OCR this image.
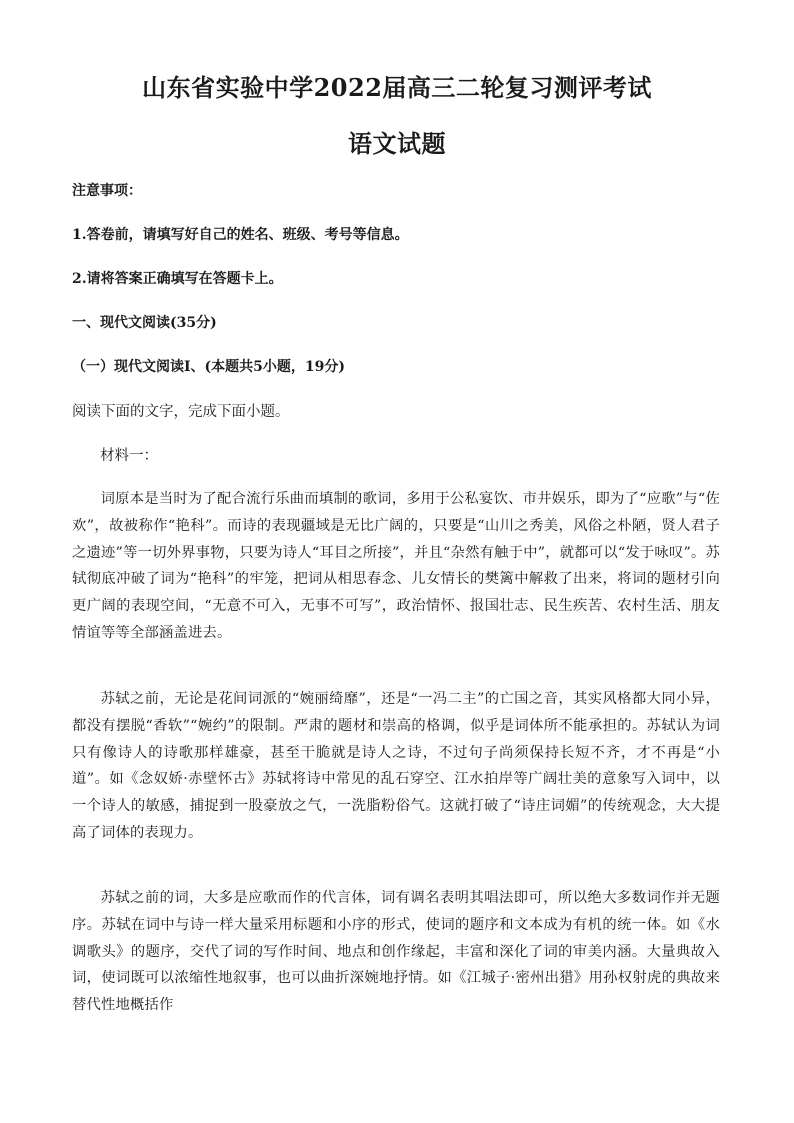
山东省实验中学2022届高三二轮复习测评考试
语文试题
注意事项：
1.答卷前，请填写好自己的姓名、班级、考号等信息。
2.请将答案正确填写在答题卡上。
一、现代文阅读(35分)
（一）现代文阅读Ⅰ、(本题共5小题，19分)
阅读下面的文字，完成下面小题。
材料一：

词原本是当时为了配合流行乐曲而填制的歌词，多用于公私宴饮、市井娱乐，即为了“应歌”与“佐欢”，故被称作“艳科”。而诗的表现疆域是无比广阔的，只要是“山川之秀美，风俗之朴陋，贤人君子之遗迹”等一切外界事物，只要为诗人“耳目之所接”，并且“杂然有触于中”，就都可以“发于咏叹”。苏轼彻底冲破了词为“艳科”的牢笼，把词从相思春念、儿女情长的樊篱中解救了出来，将词的题材引向更广阔的表现空间，“无意不可入，无事不可写”，政治情怀、报国壮志、民生疾苦、农村生活、朋友情谊等等全部涵盖进去。

苏轼之前，无论是花间词派的“婉丽绮靡”，还是“一冯二主”的亡国之音，其实风格都大同小异，都没有摆脱“香软”“婉约”的限制。严肃的题材和崇高的格调，似乎是词体所不能承担的。苏轼认为词只有像诗人的诗歌那样雄豪，甚至干脆就是诗人之诗，不过句子尚须保持长短不齐，才不再是“小道”。如《念奴娇·赤壁怀古》苏轼将诗中常见的乱石穿空、江水拍岸等广阔壮美的意象写入词中，以一个诗人的敏感，捕捉到一股豪放之气，一洗脂粉俗气。这就打破了“诗庄词媚”的传统观念，大大提高了词体的表现力。

苏轼之前的词，大多是应歌而作的代言体，词有调名表明其唱法即可，所以绝大多数词作并无题序。苏轼在词中与诗一样大量采用标题和小序的形式，使词的题序和文本成为有机的统一体。如《水调歌头》的题序，交代了词的写作时间、地点和创作缘起，丰富和深化了词的审美内涵。大量典故入词，使词既可以浓缩性地叙事，也可以曲折深婉地抒情。如《江城子·密州出猎》用孙权射虎的典故来替代性地概括作
